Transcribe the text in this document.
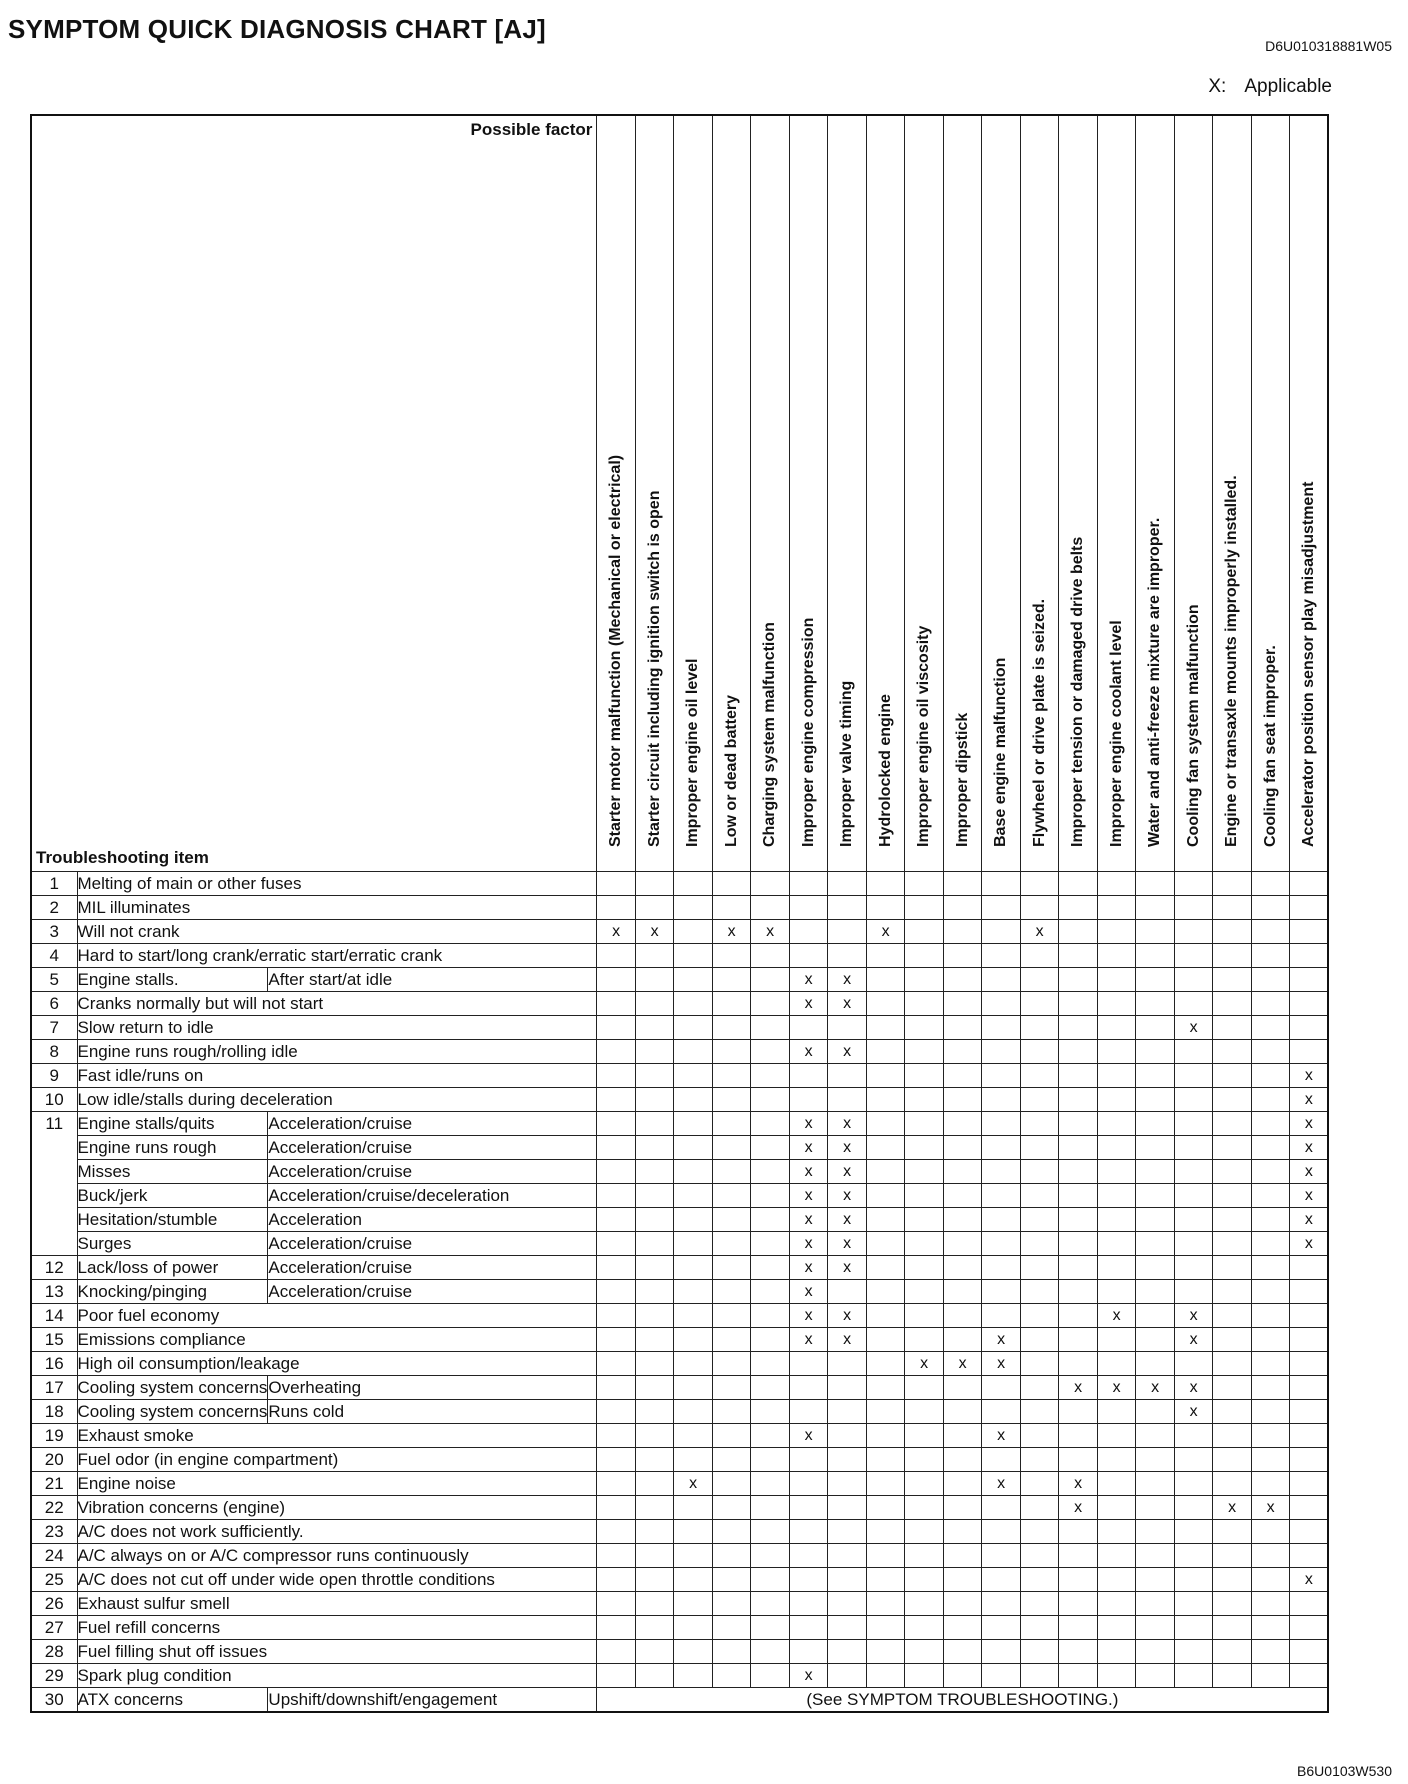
SYMPTOM QUICK DIAGNOSIS CHART [AJ]
D6U010318881W05
X: Applicable
Possible factor
Troubleshooting item			Starter motor malfunction (Mechanical or electrical)	Starter circuit including ignition switch is open	Improper engine oil level	Low or dead battery	Charging system malfunction	Improper engine compression	Improper valve timing	Hydrolocked engine	Improper engine oil viscosity	Improper dipstick	Base engine malfunction	Flywheel or drive plate is seized.	Improper tension or damaged drive belts	Improper engine coolant level	Water and anti-freeze mixture are improper.	Cooling fan system malfunction	Engine or transaxle mounts improperly installed.	Cooling fan seat improper.	Accelerator position sensor play misadjustment

1	Melting of main or other fuses																				
2	MIL illuminates																				
3	Will not crank		x	x		x	x			x				x							
4	Hard to start/long crank/erratic start/erratic crank																				
5	Engine stalls.	After start/at idle						x	x												
6	Cranks normally but will not start							x	x												
7	Slow return to idle																	x			
8	Engine runs rough/rolling idle							x	x												
9	Fast idle/runs on																				x
10	Low idle/stalls during deceleration																				x
11	Engine stalls/quits	Acceleration/cruise						x	x												x
	Engine runs rough	Acceleration/cruise						x	x												x
	Misses	Acceleration/cruise						x	x												x
	Buck/jerk	Acceleration/cruise/deceleration						x	x												x
	Hesitation/stumble	Acceleration						x	x												x
	Surges	Acceleration/cruise						x	x												x
12	Lack/loss of power	Acceleration/cruise						x	x												
13	Knocking/pinging	Acceleration/cruise						x													
14	Poor fuel economy							x	x							x		x			
15	Emissions compliance							x	x				x					x			
16	High oil consumption/leakage										x	x	x								
17	Cooling system concerns	Overheating													x	x	x	x			
18	Cooling system concerns	Runs cold																x			
19	Exhaust smoke							x					x								
20	Fuel odor (in engine compartment)																				
21	Engine noise				x								x		x						
22	Vibration concerns (engine)														x				x	x	
23	A/C does not work sufficiently.																				
24	A/C always on or A/C compressor runs continuously																				
25	A/C does not cut off under wide open throttle conditions																				x
26	Exhaust sulfur smell																				
27	Fuel refill concerns																				
28	Fuel filling shut off issues																				
29	Spark plug condition							x													
30	ATX concerns	Upshift/downshift/engagement	(See SYMPTOM TROUBLESHOOTING.)																		
B6U0103W530
